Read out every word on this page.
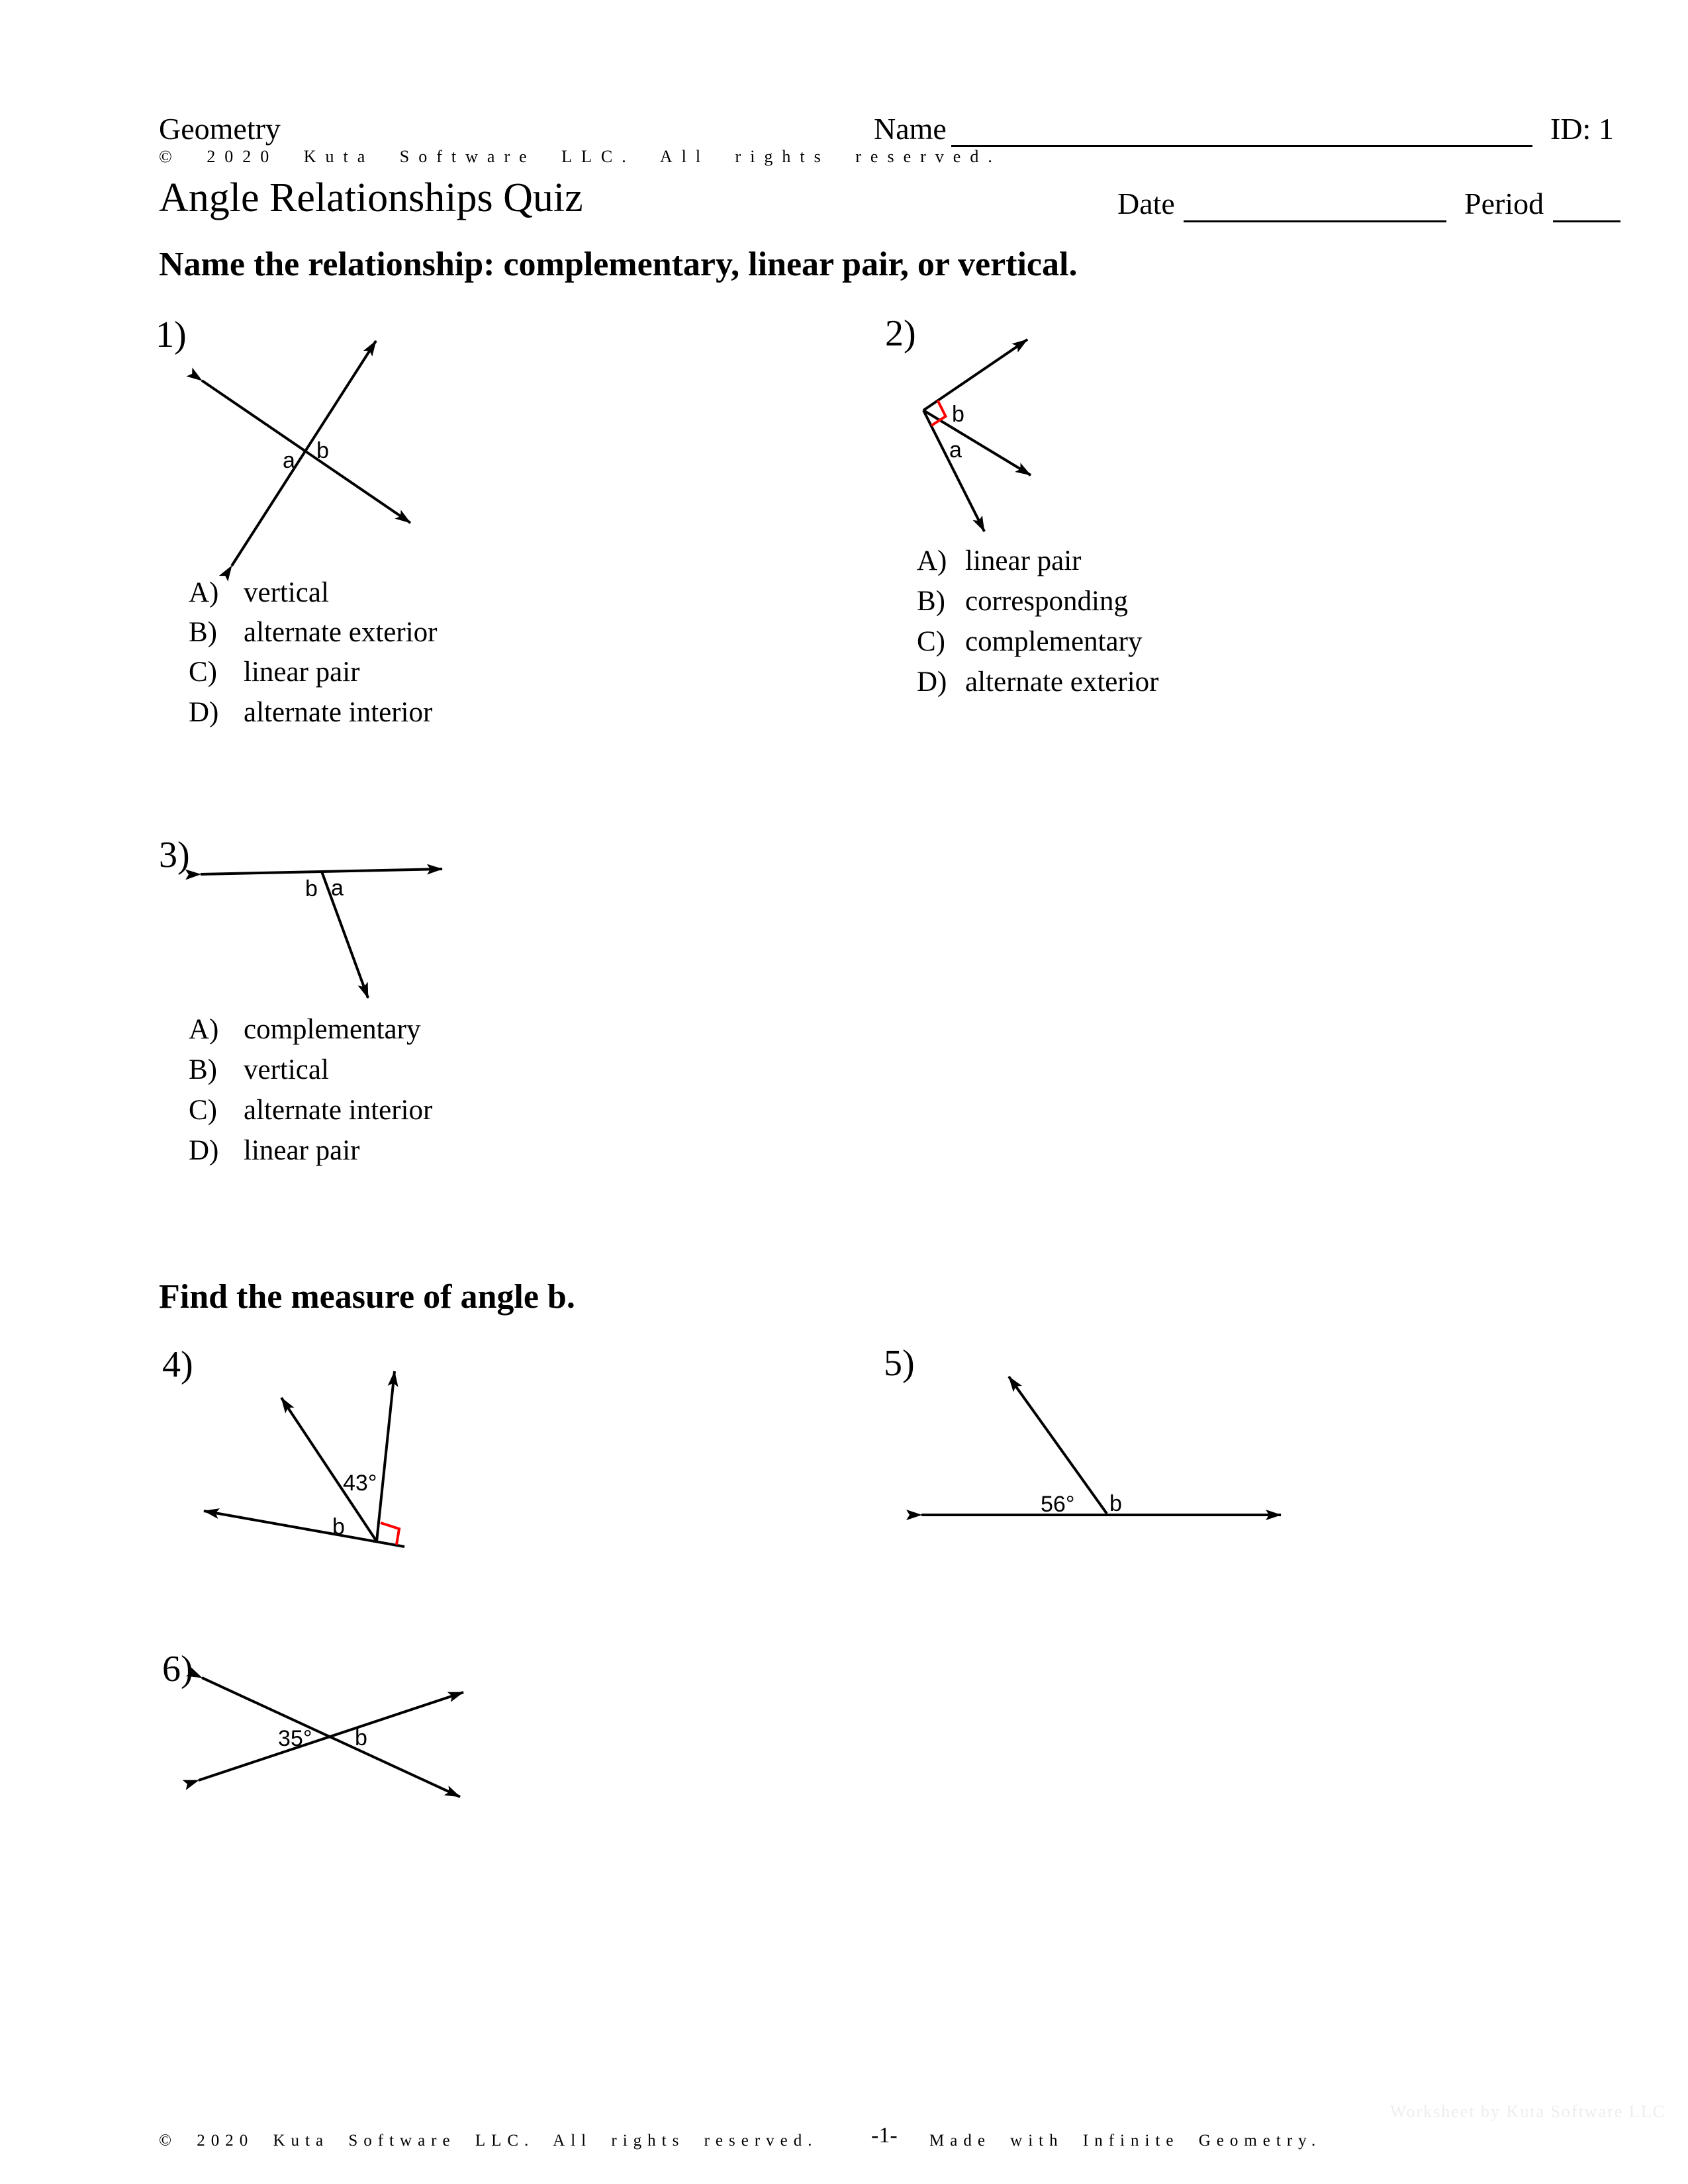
Geometry	Name	ID: 1
© 2020 Kuta Software LLC. All rights reserved.
Angle Relationships Quiz	Date	Period
Name the relationship: complementary, linear pair, or vertical.
1)
a b
A) vertical
B) alternate exterior
C) linear pair
D) alternate interior
2)
b
a
A) linear pair
B) corresponding
C) complementary
D) alternate exterior
3)
b a
A) complementary
B) vertical
C) alternate interior
D) linear pair
Find the measure of angle b.
4)
43°
b
5)
56° b
6)
35° b
Worksheet by Kuta Software LLC
© 2020 Kuta Software LLC. All rights reserved. -1- Made with Infinite Geometry.
